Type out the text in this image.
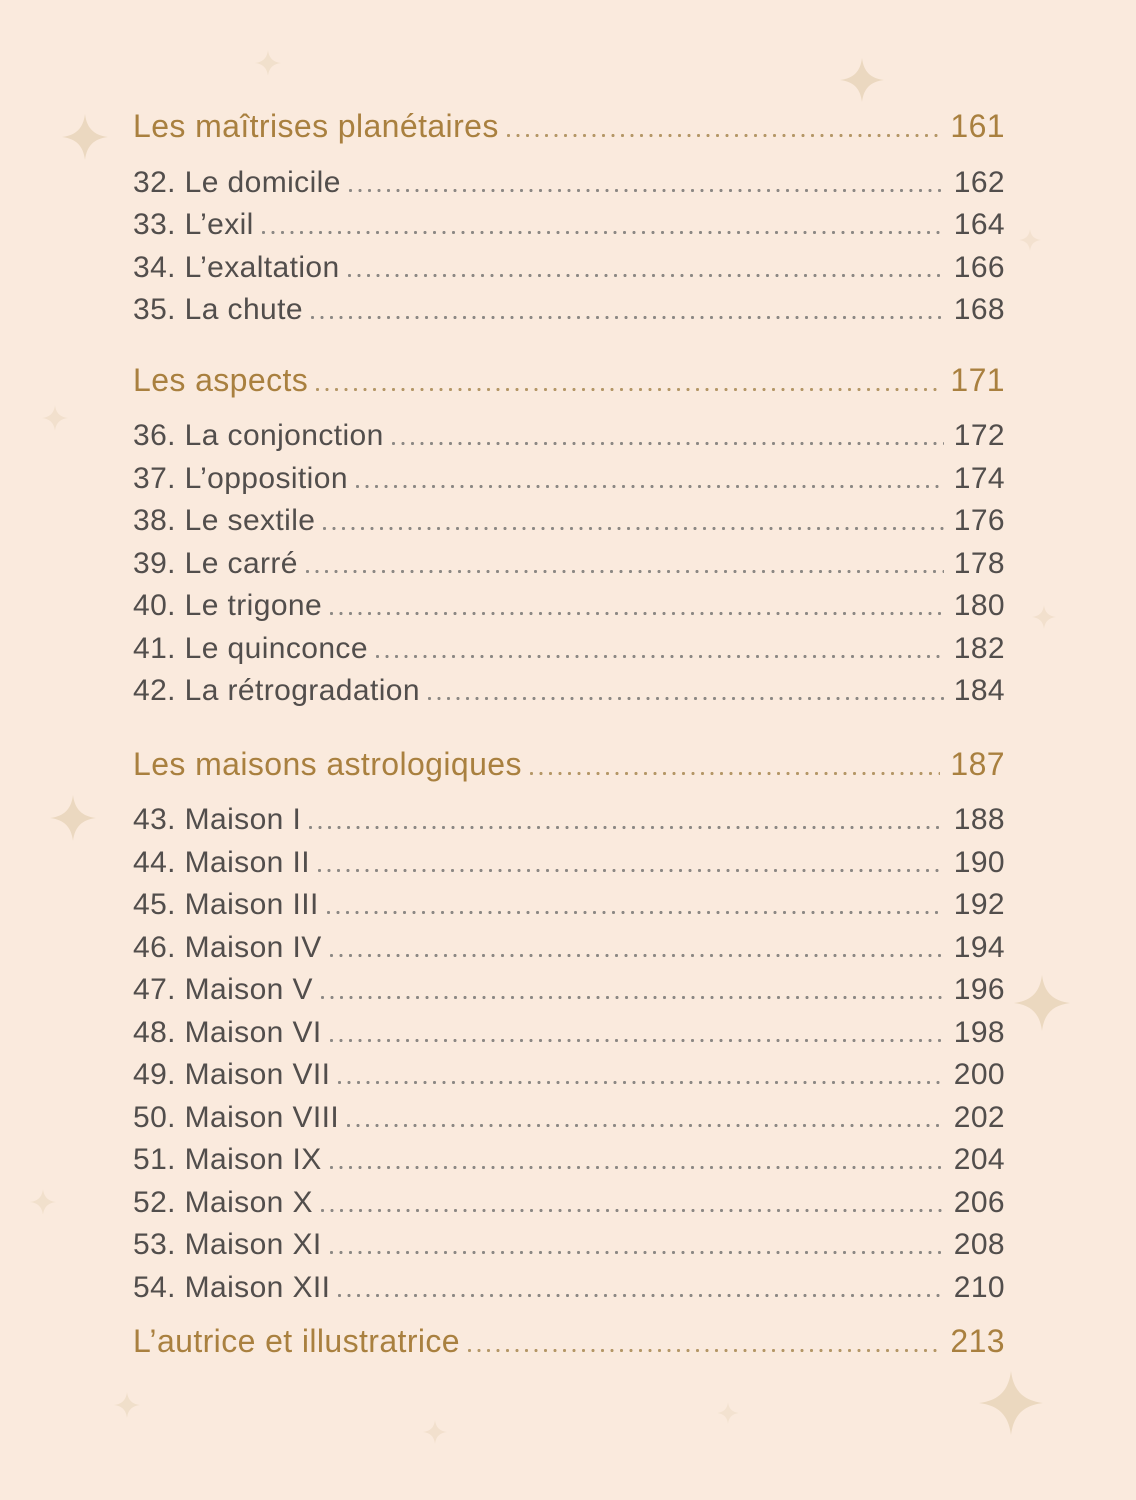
Les maîtrises planétaires	161
32. Le domicile	162
33. L’exil	164
34. L’exaltation	166
35. La chute	168
Les aspects	171
36. La conjonction	172
37. L’opposition	174
38. Le sextile	176
39. Le carré	178
40. Le trigone	180
41. Le quinconce	182
42. La rétrogradation	184
Les maisons astrologiques	187
43. Maison I	188
44. Maison II	190
45. Maison III	192
46. Maison IV	194
47. Maison V	196
48. Maison VI	198
49. Maison VII	200
50. Maison VIII	202
51. Maison IX	204
52. Maison X	206
53. Maison XI	208
54. Maison XII	210
L’autrice et illustratrice	213
